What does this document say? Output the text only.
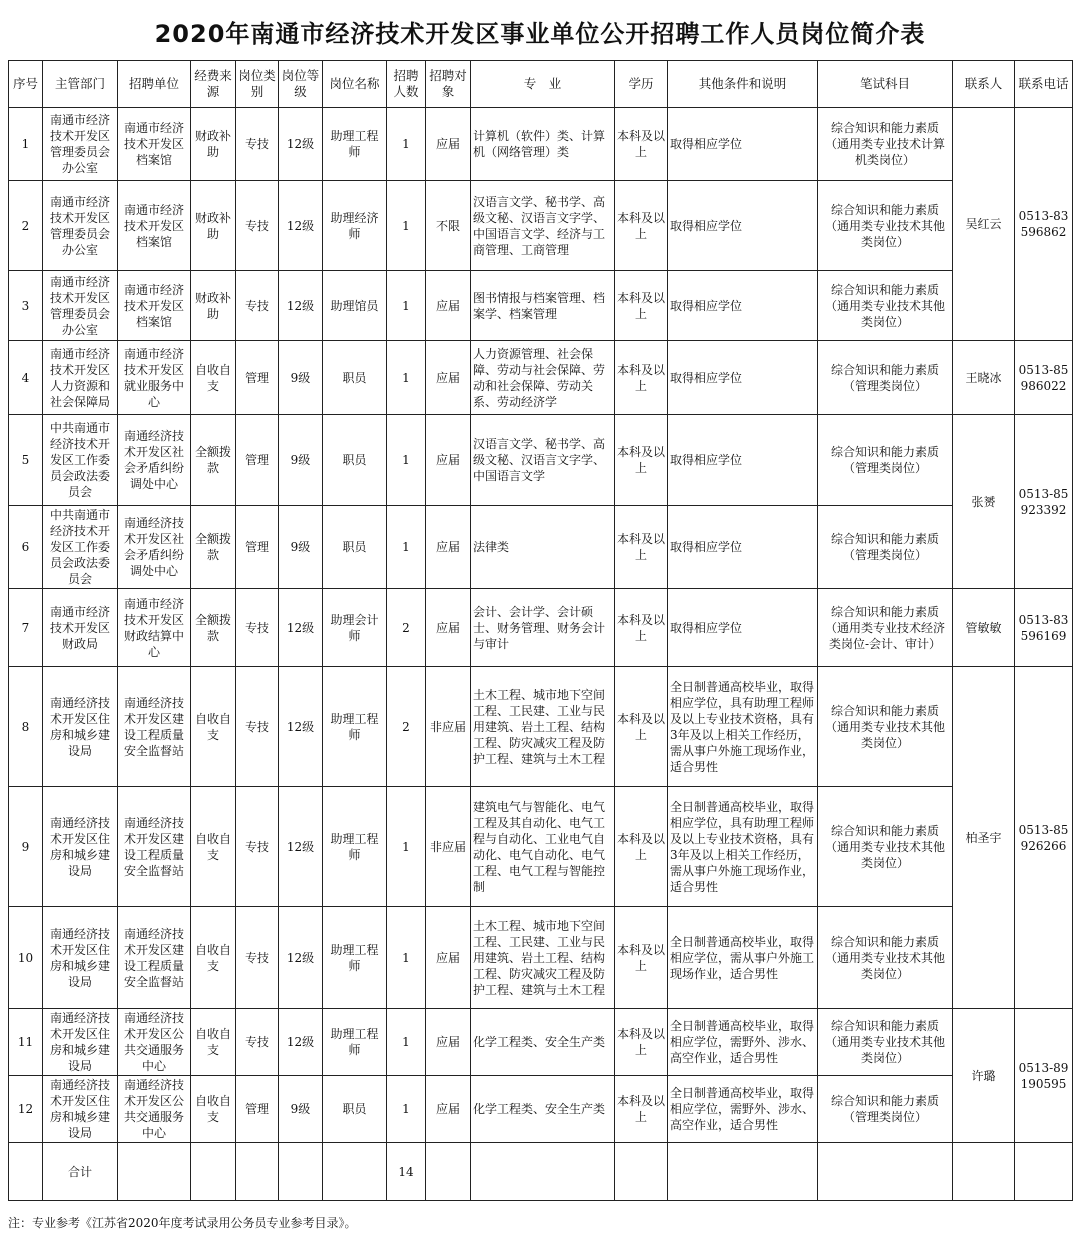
2020年南通市经济技术开发区事业单位公开招聘工作人员岗位简介表
序号	主管部门	招聘单位	经费来源	岗位类别	岗位等级	岗位名称	招聘人数	招聘对象	专　业	学历	其他条件和说明	笔试科目	联系人	联系电话
1	南通市经济技术开发区管理委员会办公室	南通市经济技术开发区档案馆	财政补助	专技	12级	助理工程师	1	应届	计算机（软件）类、计算机（网络管理）类	本科及以上	取得相应学位	综合知识和能力素质（通用类专业技术计算机类岗位）	吴红云	0513-83596862
2	南通市经济技术开发区管理委员会办公室	南通市经济技术开发区档案馆	财政补助	专技	12级	助理经济师	1	不限	汉语言文学、秘书学、高级文秘、汉语言文字学、中国语言文学、经济与工商管理、工商管理	本科及以上	取得相应学位	综合知识和能力素质（通用类专业技术其他类岗位）		
3	南通市经济技术开发区管理委员会办公室	南通市经济技术开发区档案馆	财政补助	专技	12级	助理馆员	1	应届	图书情报与档案管理、档案学、档案管理	本科及以上	取得相应学位	综合知识和能力素质（通用类专业技术其他类岗位）		
4	南通市经济技术开发区人力资源和社会保障局	南通市经济技术开发区就业服务中心	自收自支	管理	9级	职员	1	应届	人力资源管理、社会保障、劳动与社会保障、劳动和社会保障、劳动关系、劳动经济学	本科及以上	取得相应学位	综合知识和能力素质（管理类岗位）	王晓冰	0513-85986022
5	中共南通市经济技术开发区工作委员会政法委员会	南通经济技术开发区社会矛盾纠纷调处中心	全额拨款	管理	9级	职员	1	应届	汉语言文学、秘书学、高级文秘、汉语言文字学、中国语言文学	本科及以上	取得相应学位	综合知识和能力素质（管理类岗位）	张赟	0513-85923392
6	中共南通市经济技术开发区工作委员会政法委员会	南通经济技术开发区社会矛盾纠纷调处中心	全额拨款	管理	9级	职员	1	应届	法律类	本科及以上	取得相应学位	综合知识和能力素质（管理类岗位）		
7	南通市经济技术开发区财政局	南通市经济技术开发区财政结算中心	全额拨款	专技	12级	助理会计师	2	应届	会计、会计学、会计硕士、财务管理、财务会计与审计	本科及以上	取得相应学位	综合知识和能力素质（通用类专业技术经济类岗位-会计、审计）	管敏敏	0513-83596169
8	南通经济技术开发区住房和城乡建设局	南通经济技术开发区建设工程质量安全监督站	自收自支	专技	12级	助理工程师	2	非应届	土木工程、城市地下空间工程、工民建、工业与民用建筑、岩土工程、结构工程、防灾减灾工程及防护工程、建筑与土木工程	本科及以上	全日制普通高校毕业，取得相应学位，具有助理工程师及以上专业技术资格，具有3年及以上相关工作经历，需从事户外施工现场作业，适合男性	综合知识和能力素质（通用类专业技术其他类岗位）	柏圣宇	0513-85926266
9	南通经济技术开发区住房和城乡建设局	南通经济技术开发区建设工程质量安全监督站	自收自支	专技	12级	助理工程师	1	非应届	建筑电气与智能化、电气工程及其自动化、电气工程与自动化、工业电气自动化、电气自动化、电气工程、电气工程与智能控制	本科及以上	全日制普通高校毕业，取得相应学位，具有助理工程师及以上专业技术资格，具有3年及以上相关工作经历，需从事户外施工现场作业，适合男性	综合知识和能力素质（通用类专业技术其他类岗位）		
10	南通经济技术开发区住房和城乡建设局	南通经济技术开发区建设工程质量安全监督站	自收自支	专技	12级	助理工程师	1	应届	土木工程、城市地下空间工程、工民建、工业与民用建筑、岩土工程、结构工程、防灾减灾工程及防护工程、建筑与土木工程	本科及以上	全日制普通高校毕业，取得相应学位，需从事户外施工现场作业，适合男性	综合知识和能力素质（通用类专业技术其他类岗位）		
11	南通经济技术开发区住房和城乡建设局	南通经济技术开发区公共交通服务中心	自收自支	专技	12级	助理工程师	1	应届	化学工程类、安全生产类	本科及以上	全日制普通高校毕业，取得相应学位，需野外、涉水、高空作业，适合男性	综合知识和能力素质（通用类专业技术其他类岗位）	许璐	0513-89190595
12	南通经济技术开发区住房和城乡建设局	南通经济技术开发区公共交通服务中心	自收自支	管理	9级	职员	1	应届	化学工程类、安全生产类	本科及以上	全日制普通高校毕业，取得相应学位，需野外、涉水、高空作业，适合男性	综合知识和能力素质（管理类岗位）		
	合计						14							
注：专业参考《江苏省2020年度考试录用公务员专业参考目录》。
